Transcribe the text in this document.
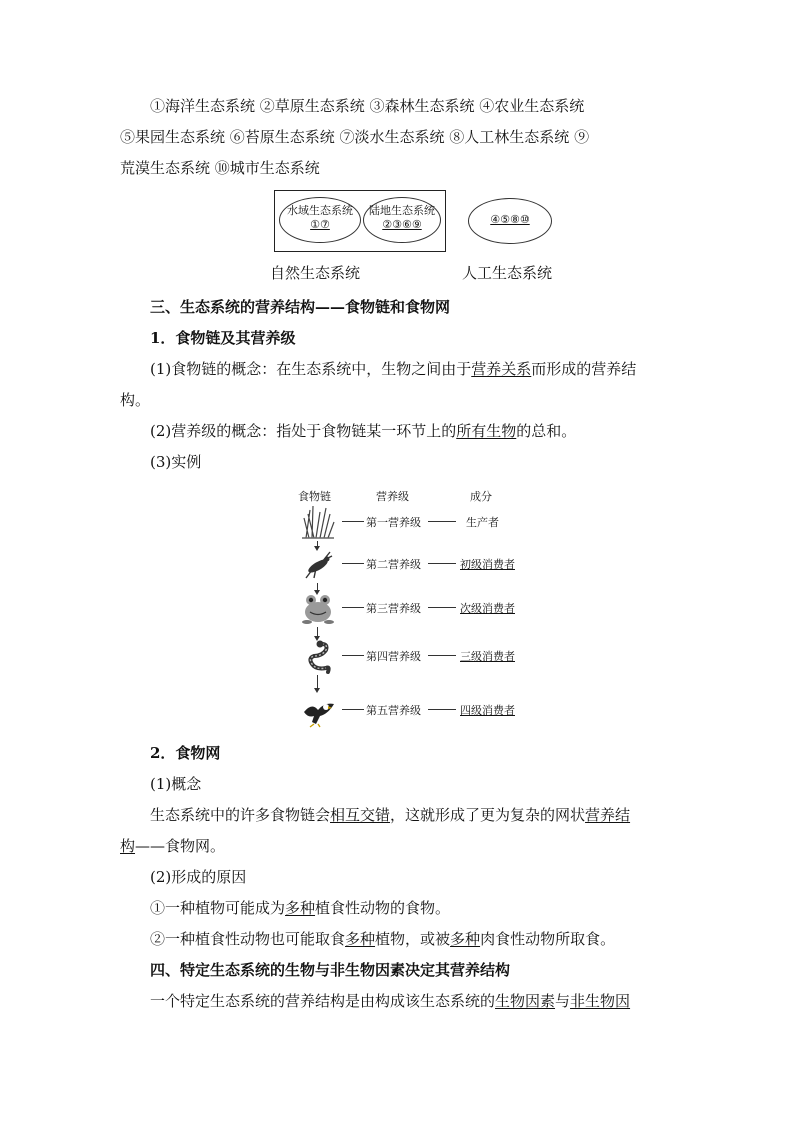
①海洋生态系统 ②草原生态系统 ③森林生态系统 ④农业生态系统

⑤果园生态系统 ⑥苔原生态系统 ⑦淡水生态系统 ⑧人工林生态系统 ⑨

荒漠生态系统 ⑩城市生态系统

水域生态系统
①⑦
陆地生态系统
②③⑥⑨	④⑤⑧⑩
自然生态系统	人工生态系统

三、生态系统的营养结构——食物链和食物网

1．食物链及其营养级

(1)食物链的概念：在生态系统中，生物之间由于营养关系而形成的营养结

构。

(2)营养级的概念：指处于食物链某一环节上的所有生物的总和。

(3)实例

食物链	营养级	成分
第一营养级	生产者
第二营养级	初级消费者
第三营养级	次级消费者
第四营养级	三级消费者
第五营养级	四级消费者

2．食物网

(1)概念

生态系统中的许多食物链会相互交错，这就形成了更为复杂的网状营养结

构——食物网。

(2)形成的原因

①一种植物可能成为多种植食性动物的食物。

②一种植食性动物也可能取食多种植物，或被多种肉食性动物所取食。

四、特定生态系统的生物与非生物因素决定其营养结构

一个特定生态系统的营养结构是由构成该生态系统的生物因素与非生物因
